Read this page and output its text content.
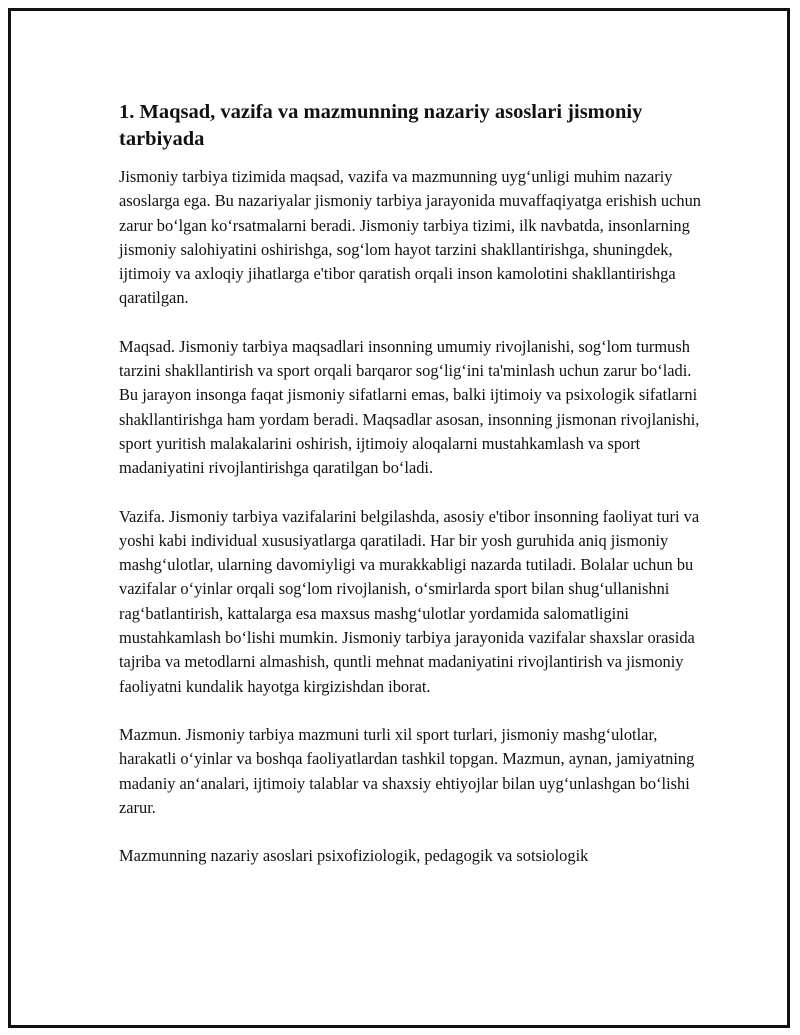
1. Maqsad, vazifa va mazmunning nazariy asoslari jismoniy tarbiyada

Jismoniy tarbiya tizimida maqsad, vazifa va mazmunning uyg‘unligi muhim nazariy asoslarga ega. Bu nazariyalar jismoniy tarbiya jarayonida muvaffaqiyatga erishish uchun zarur bo‘lgan ko‘rsatmalarni beradi. Jismoniy tarbiya tizimi, ilk navbatda, insonlarning jismoniy salohiyatini oshirishga, sog‘lom hayot tarzini shakllantirishga, shuningdek, ijtimoiy va axloqiy jihatlarga e'tibor qaratish orqali inson kamolotini shakllantirishga qaratilgan.

Maqsad. Jismoniy tarbiya maqsadlari insonning umumiy rivojlanishi, sog‘lom turmush tarzini shakllantirish va sport orqali barqaror sog‘lig‘ini ta'minlash uchun zarur bo‘ladi. Bu jarayon insonga faqat jismoniy sifatlarni emas, balki ijtimoiy va psixologik sifatlarni shakllantirishga ham yordam beradi. Maqsadlar asosan, insonning jismonan rivojlanishi, sport yuritish malakalarini oshirish, ijtimoiy aloqalarni mustahkamlash va sport madaniyatini rivojlantirishga qaratilgan bo‘ladi.

Vazifa. Jismoniy tarbiya vazifalarini belgilashda, asosiy e'tibor insonning faoliyat turi va yoshi kabi individual xususiyatlarga qaratiladi. Har bir yosh guruhida aniq jismoniy mashg‘ulotlar, ularning davomiyligi va murakkabligi nazarda tutiladi. Bolalar uchun bu vazifalar o‘yinlar orqali sog‘lom rivojlanish, o‘smirlarda sport bilan shug‘ullanishni rag‘batlantirish, kattalarga esa maxsus mashg‘ulotlar yordamida salomatligini mustahkamlash bo‘lishi mumkin. Jismoniy tarbiya jarayonida vazifalar shaxslar orasida tajriba va metodlarni almashish, quntli mehnat madaniyatini rivojlantirish va jismoniy faoliyatni kundalik hayotga kirgizishdan iborat.

Mazmun. Jismoniy tarbiya mazmuni turli xil sport turlari, jismoniy mashg‘ulotlar, harakatli o‘yinlar va boshqa faoliyatlardan tashkil topgan. Mazmun, aynan, jamiyatning madaniy an‘analari, ijtimoiy talablar va shaxsiy ehtiyojlar bilan uyg‘unlashgan bo‘lishi zarur.

Mazmunning nazariy asoslari psixofiziologik, pedagogik va sotsiologik
